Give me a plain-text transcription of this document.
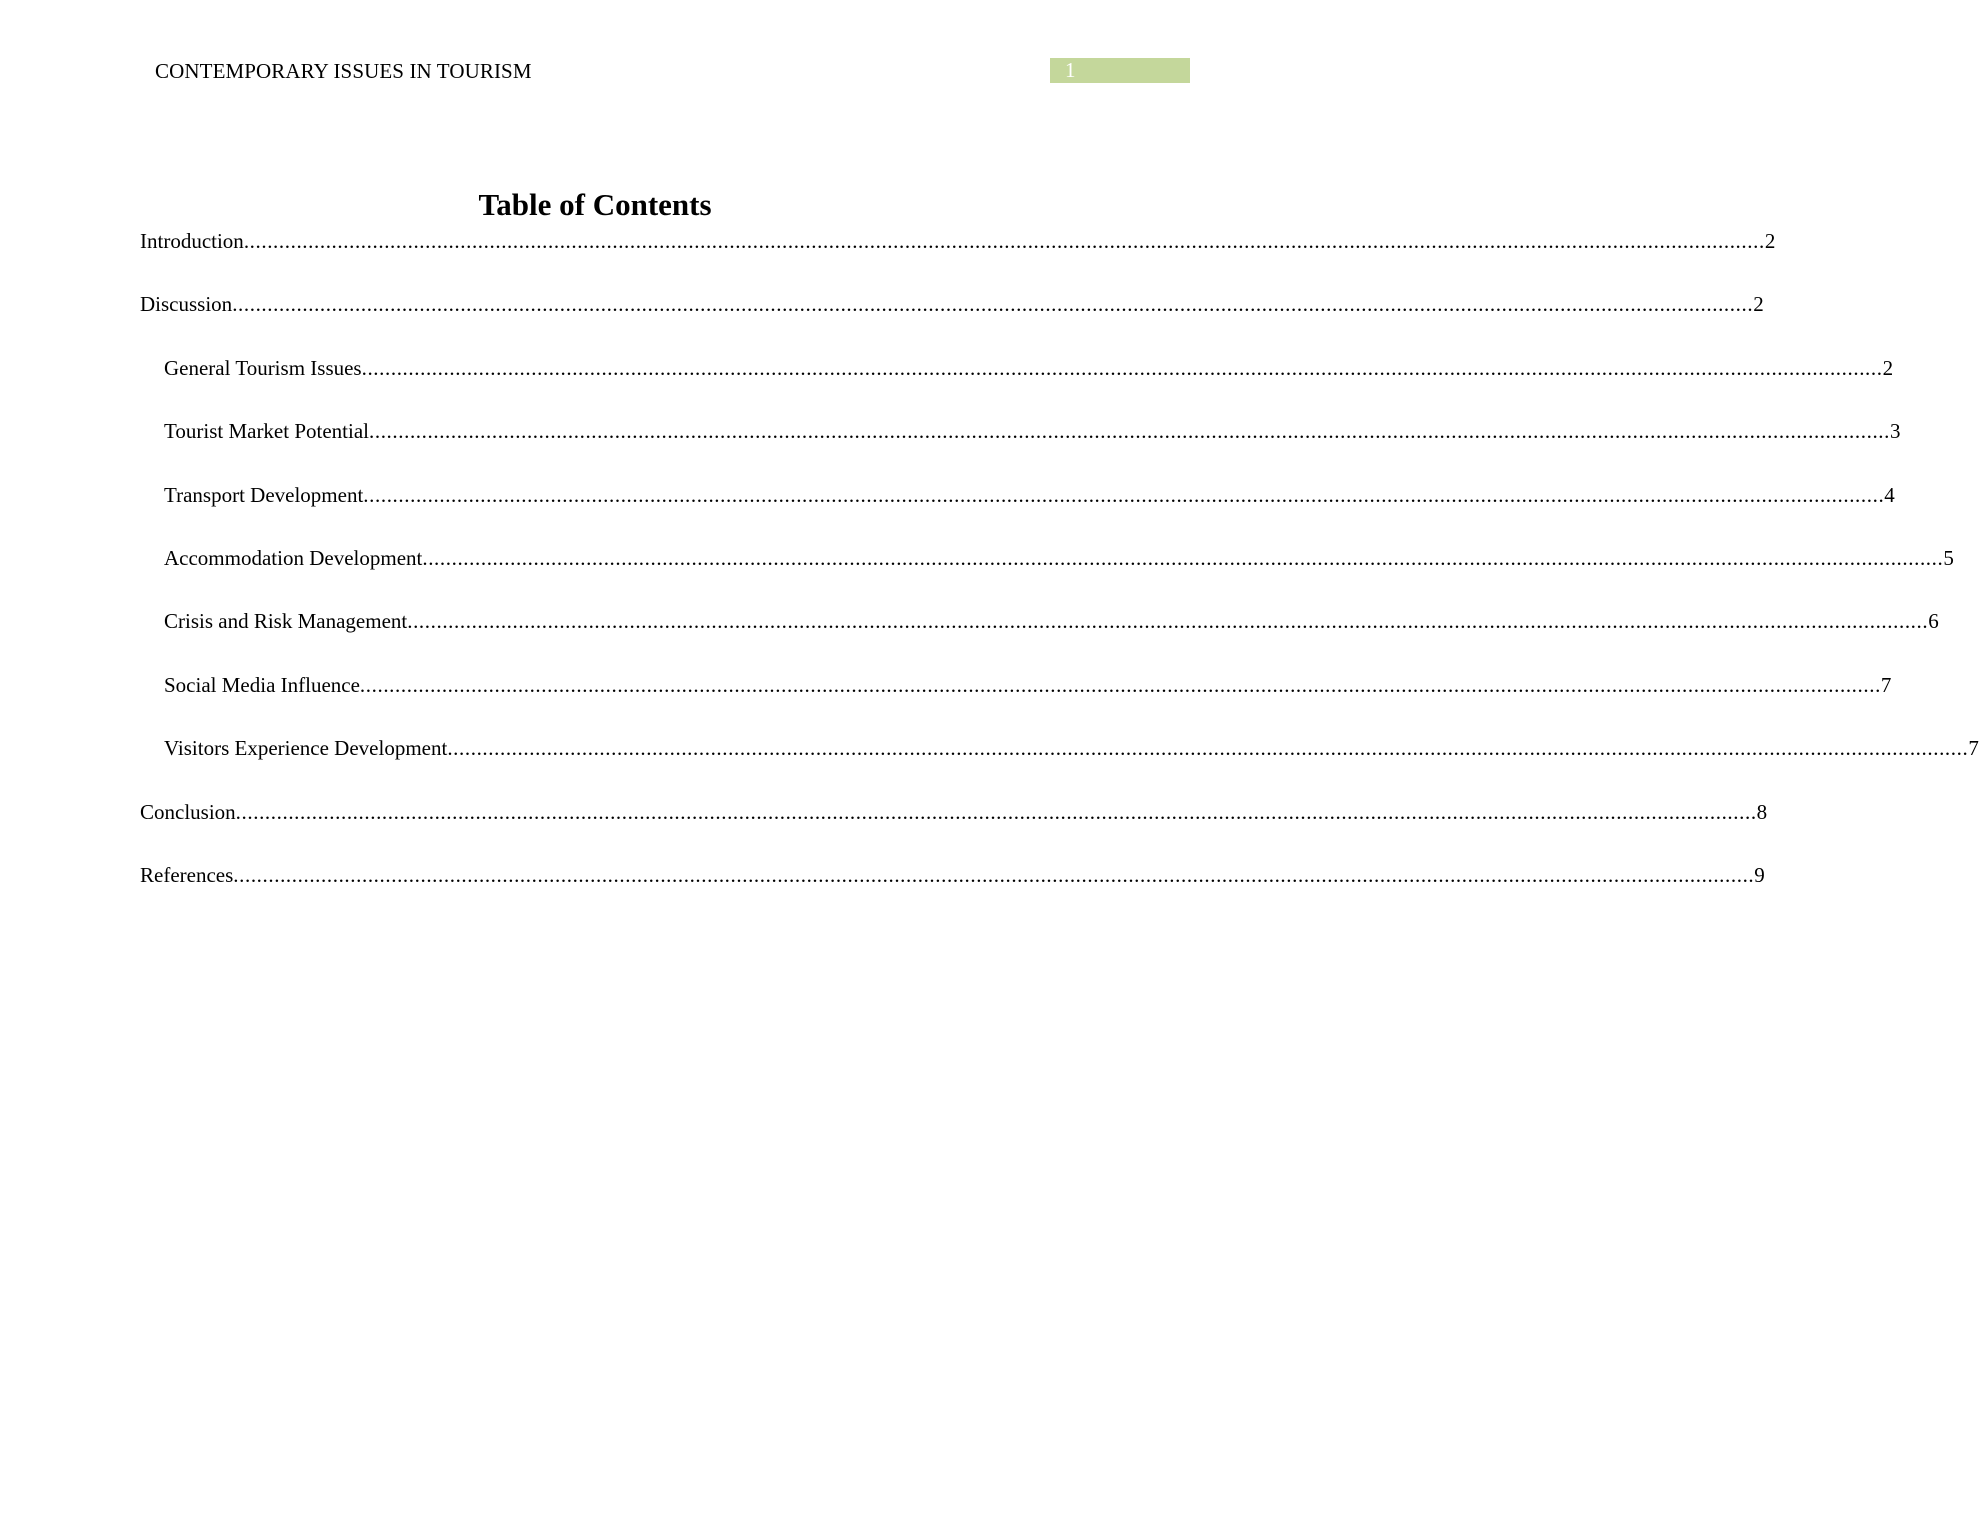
CONTEMPORARY ISSUES IN TOURISM	1
Table of Contents
Introduction .................................................................................................................................................................................................................................................................... 2
Discussion .................................................................................................................................................................................................................................................................... 2
General Tourism Issues .................................................................................................................................................................................................................................................................... 2
Tourist Market Potential .................................................................................................................................................................................................................................................................... 3
Transport Development .................................................................................................................................................................................................................................................................... 4
Accommodation Development .................................................................................................................................................................................................................................................................... 5
Crisis and Risk Management .................................................................................................................................................................................................................................................................... 6
Social Media Influence .................................................................................................................................................................................................................................................................... 7
Visitors Experience Development .................................................................................................................................................................................................................................................................... 7
Conclusion .................................................................................................................................................................................................................................................................... 8
References .................................................................................................................................................................................................................................................................... 9
